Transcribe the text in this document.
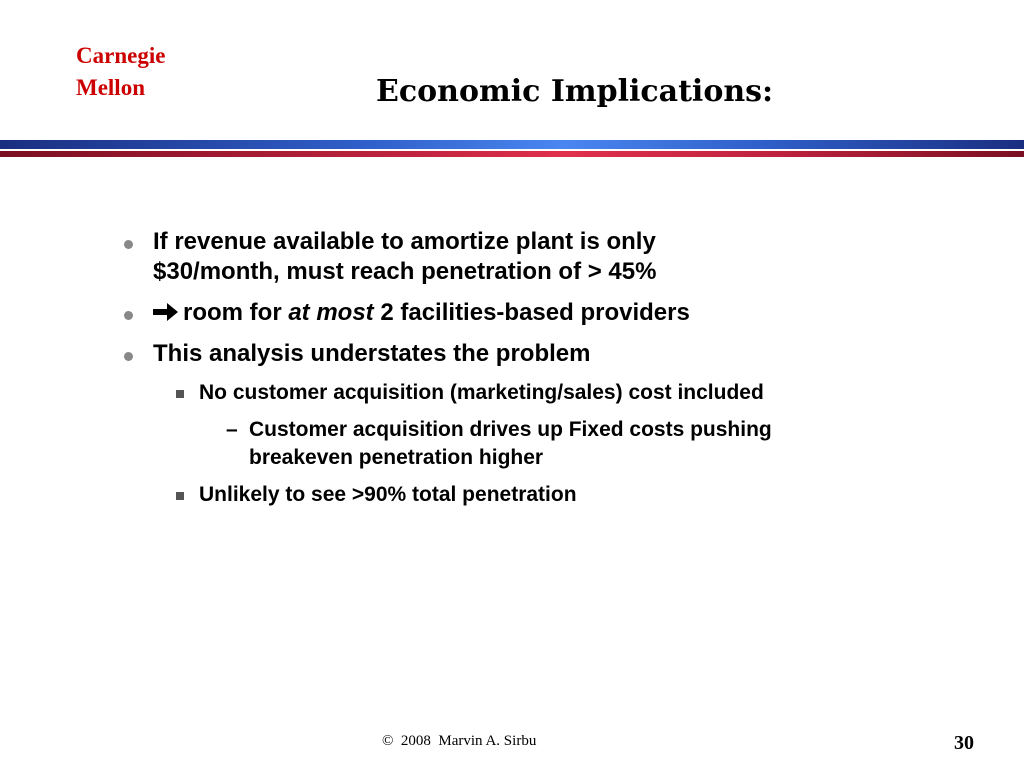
Carnegie
Mellon	Economic Implications:
If revenue available to amortize plant is only
$30/month, must reach penetration of > 45%
room for at most 2 facilities-based providers
This analysis understates the problem
No customer acquisition (marketing/sales) cost included
– Customer acquisition drives up Fixed costs pushing
breakeven penetration higher
Unlikely to see >90% total penetration
©  2008  Marvin A. Sirbu	30
